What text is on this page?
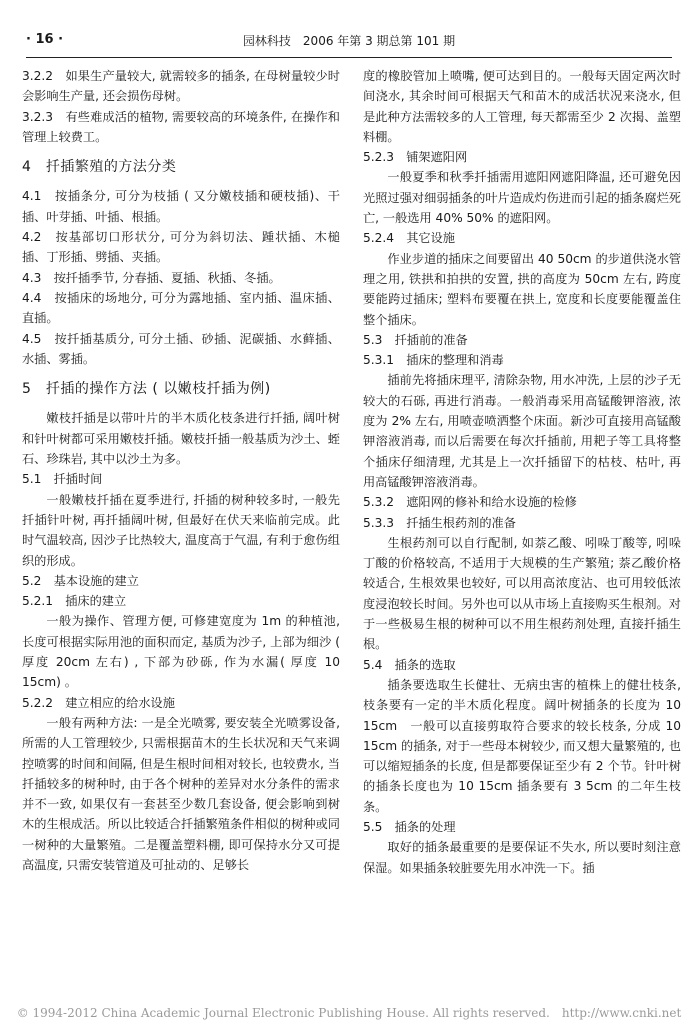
· 16 ·	园林科技　2006 年第 3 期总第 101 期

3.2.2　如果生产量较大, 就需较多的插条, 在母树量较少时会影响生产量, 还会损伤母树。

3.2.3　有些难成活的植物, 需要较高的环境条件, 在操作和管理上较费工。

4　扦插繁殖的方法分类

4.1　按插条分, 可分为枝插 ( 又分嫩枝插和硬枝插)、干插、叶芽插、叶插、根插。

4.2　按基部切口形状分, 可分为斜切法、踵状插、木槌插、丁形插、劈插、夹插。

4.3　按扦插季节, 分春插、夏插、秋插、冬插。

4.4　按插床的场地分, 可分为露地插、室内插、温床插、直插。

4.5　按扦插基质分, 可分土插、砂插、泥碳插、水藓插、水插、雾插。

5　扦插的操作方法 ( 以嫩枝扦插为例)

嫩枝扦插是以带叶片的半木质化枝条进行扦插, 阔叶树和针叶树都可采用嫩枝扦插。嫩枝扦插一般基质为沙土、蛭石、珍珠岩, 其中以沙土为多。

5.1　扦插时间

一般嫩枝扦插在夏季进行, 扦插的树种较多时, 一般先扦插针叶树, 再扦插阔叶树, 但最好在伏天来临前完成。此时气温较高, 因沙子比热较大, 温度高于气温, 有利于愈伤组织的形成。

5.2　基本设施的建立

5.2.1　插床的建立

一般为操作、管理方便, 可修建宽度为 1m 的种植池, 长度可根据实际用池的面积而定, 基质为沙子, 上部为细沙 ( 厚度 20cm 左右) , 下部为砂砾, 作为水漏( 厚度 10 15cm) 。

5.2.2　建立相应的给水设施

一般有两种方法: 一是全光喷雾, 要安装全光喷雾设备, 所需的人工管理较少, 只需根据苗木的生长状况和天气来调控喷雾的时间和间隔, 但是生根时间相对较长, 也较费水, 当扦插较多的树种时, 由于各个树种的差异对水分条件的需求并不一致, 如果仅有一套甚至少数几套设备, 便会影响到树木的生根成活。所以比较适合扦插繁殖条件相似的树种或同一树种的大量繁殖。二是覆盖塑料棚, 即可保持水分又可提高温度, 只需安装管道及可扯动的、足够长

度的橡胶管加上喷嘴, 便可达到目的。一般每天固定两次时间浇水, 其余时间可根据天气和苗木的成活状况来浇水, 但是此种方法需较多的人工管理, 每天都需至少 2 次揭、盖塑料棚。

5.2.3　铺架遮阳网

一般夏季和秋季扦插需用遮阳网遮阳降温, 还可避免因光照过强对细弱插条的叶片造成灼伤进而引起的插条腐烂死亡, 一般选用 40% 50% 的遮阳网。

5.2.4　其它设施

作业步道的插床之间要留出 40 50cm 的步道供浇水管理之用, 铁拱和拍拱的安置, 拱的高度为 50cm 左右, 跨度要能跨过插床; 塑料布要覆在拱上, 宽度和长度要能覆盖住整个插床。

5.3　扦插前的准备

5.3.1　插床的整理和消毒

插前先将插床理平, 清除杂物, 用水冲洗, 上层的沙子无较大的石砾, 再进行消毒。一般消毒采用高锰酸钾溶液, 浓度为 2% 左右, 用喷壶喷洒整个床面。新沙可直接用高锰酸钾溶液消毒, 而以后需要在每次扦插前, 用耙子等工具将整个插床仔细清理, 尤其是上一次扦插留下的枯枝、枯叶, 再用高锰酸钾溶液消毒。

5.3.2　遮阳网的修补和给水设施的检修

5.3.3　扦插生根药剂的准备

生根药剂可以自行配制, 如萘乙酸、吲哚丁酸等, 吲哚丁酸的价格较高, 不适用于大规模的生产繁殖; 萘乙酸价格较适合, 生根效果也较好, 可以用高浓度沾、也可用较低浓度浸泡较长时间。另外也可以从市场上直接购买生根剂。对于一些极易生根的树种可以不用生根药剂处理, 直接扦插生根。

5.4　插条的选取

插条要选取生长健壮、无病虫害的植株上的健壮枝条, 枝条要有一定的半木质化程度。阔叶树插条的长度为 10 15cm　一般可以直接剪取符合要求的较长枝条, 分成 10 15cm 的插条, 对于一些母本树较少, 而又想大量繁殖的, 也可以缩短插条的长度, 但是都要保证至少有 2 个节。针叶树的插条长度也为 10 15cm 插条要有 3 5cm 的二年生枝条。

5.5　插条的处理

取好的插条最重要的是要保证不失水, 所以要时刻注意保湿。如果插条较脏要先用水冲洗一下。插

© 1994-2012 China Academic Journal Electronic Publishing House. All rights reserved.　http://www.cnki.net
